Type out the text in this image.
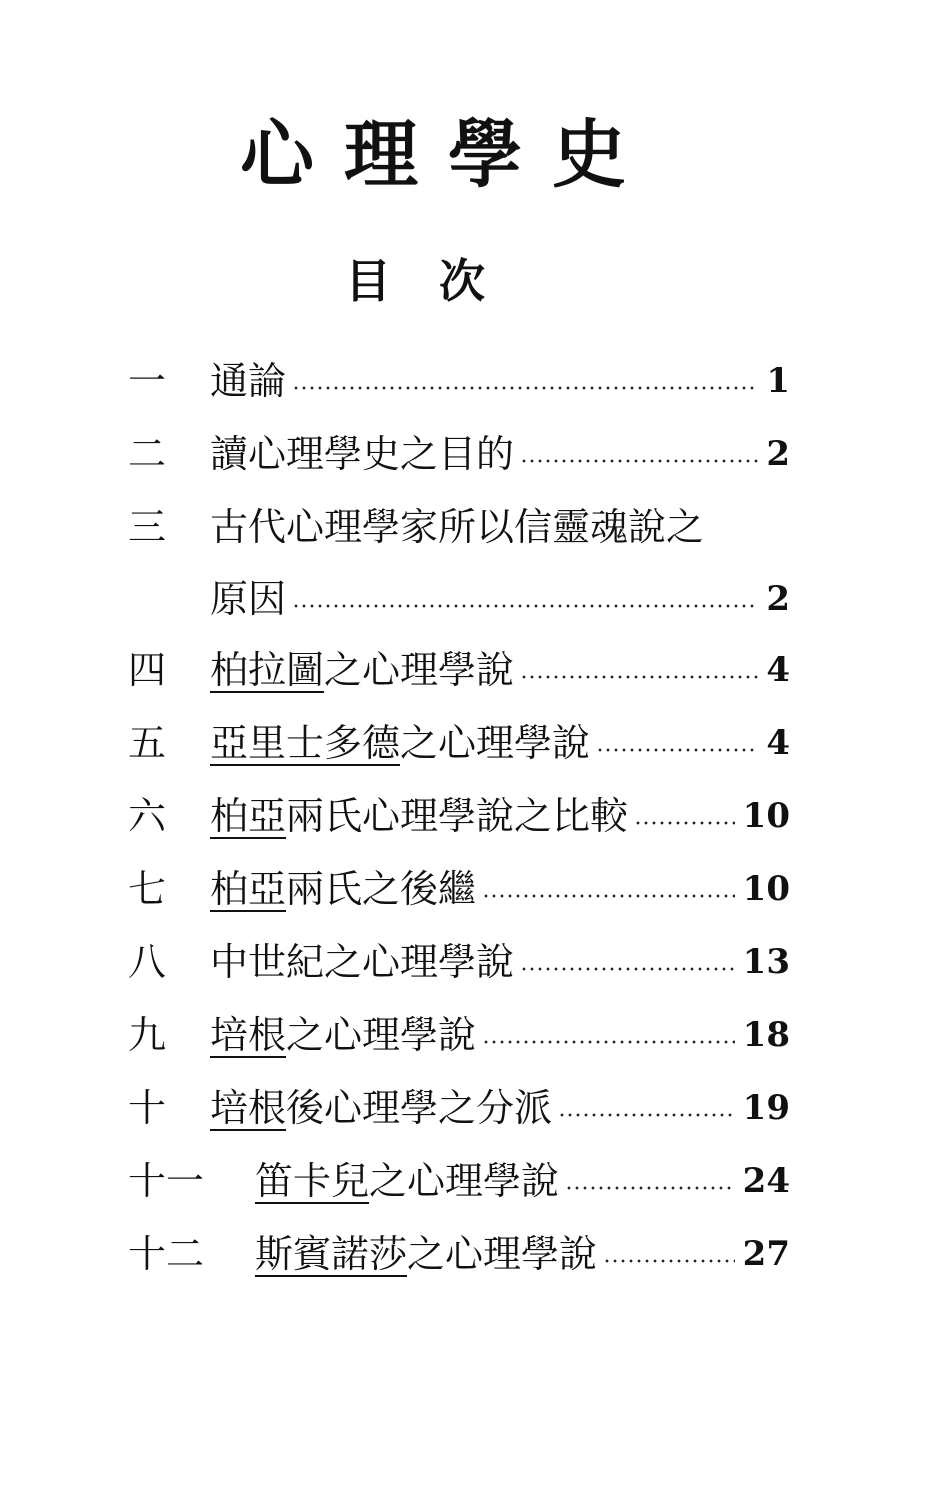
心理學史
目次
一	通論	1
二	讀心理學史之目的	2
三	古代心理學家所以信靈魂說之
原因	2
四	柏拉圖之心理學說	4
五	亞里士多德之心理學說	4
六	柏亞兩氏心理學說之比較	10
七	柏亞兩氏之後繼	10
八	中世紀之心理學說	13
九	培根之心理學說	18
十	培根後心理學之分派	19
十一 笛卡兒之心理學說	24
十二 斯賓諾莎之心理學說	27
